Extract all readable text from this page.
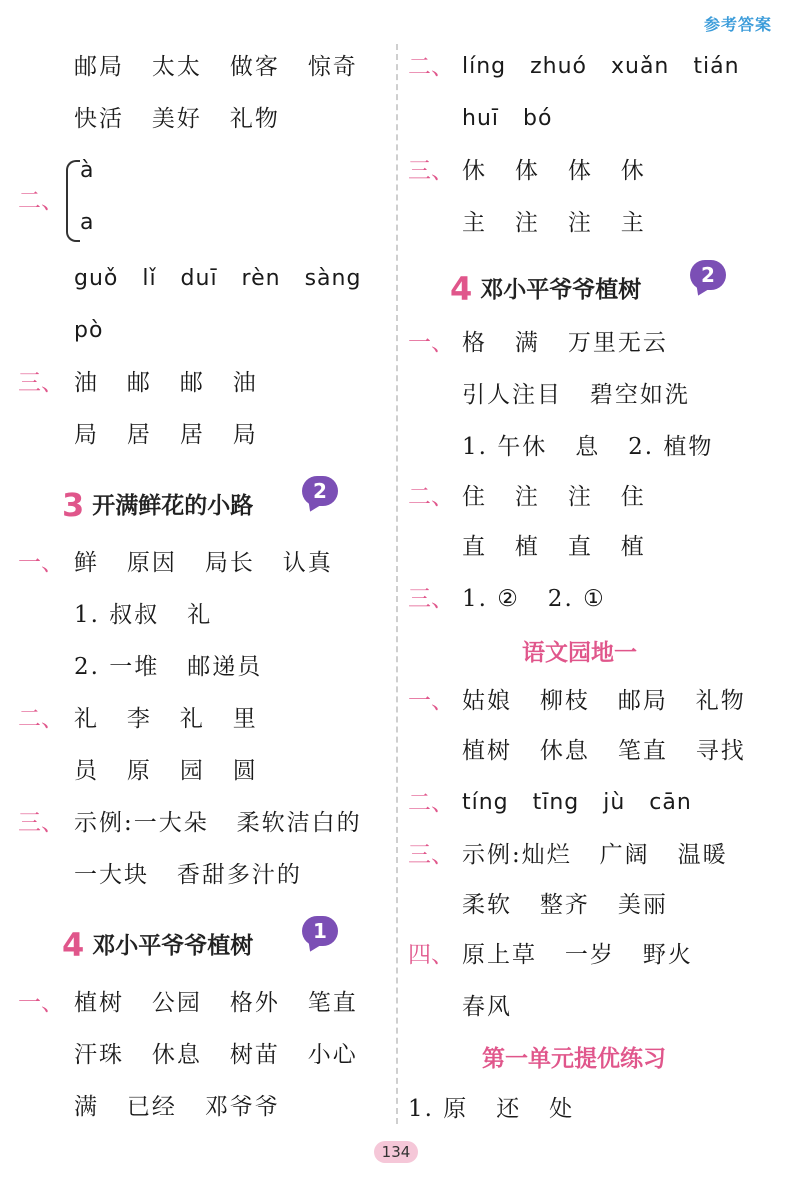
参考答案
邮局   太太   做客   惊奇
快活   美好   礼物
二、
à
a
guǒ   lǐ   duī   rèn   sàng
pò
三、 油   邮   邮   油
局   居   居   局
3 开满鲜花的小路
2
一、 鲜   原因   局长   认真
1. 叔叔   礼
2. 一堆   邮递员
二、 礼   李   礼   里
员   原   园   圆
三、 示例:一大朵   柔软洁白的
一大块   香甜多汁的
4 邓小平爷爷植树
1
一、 植树   公园   格外   笔直
汗珠   休息   树苗   小心
满   已经   邓爷爷
二、 líng   zhuó   xuǎn   tián
huī   bó
三、 休   体   体   休
主   注   注   主
4 邓小平爷爷植树
2
一、 格   满   万里无云
引人注目   碧空如洗
1. 午休   息   2. 植物
二、 住   注   注   住
直   植   直   植
三、 1. ②   2. ①
语文园地一
一、 姑娘   柳枝   邮局   礼物
植树   休息   笔直   寻找
二、 tíng   tīng   jù   cān
三、 示例:灿烂   广阔   温暖
柔软   整齐   美丽
四、 原上草   一岁   野火
春风
第一单元提优练习
1. 原   还   处
134
